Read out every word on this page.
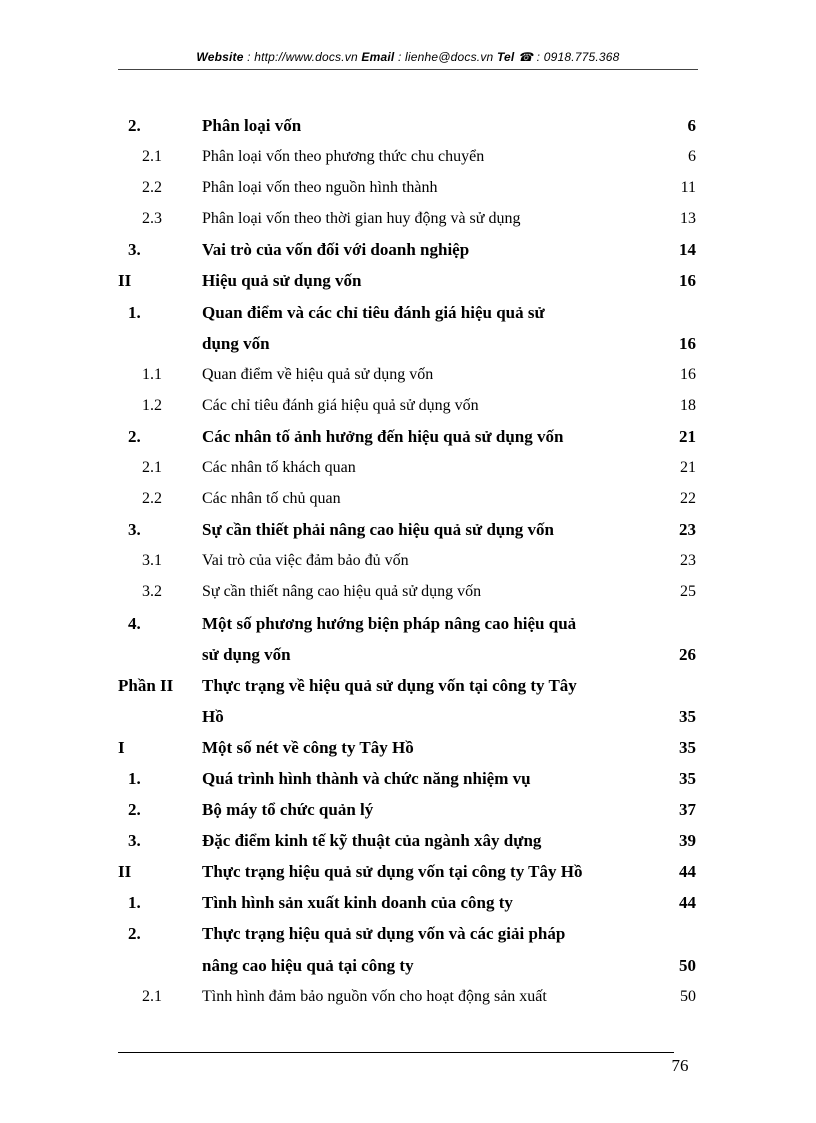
Website : http://www.docs.vn Email : lienhe@docs.vn Tel ☎ : 0918.775.368
2.	Phân loại vốn	6
2.1	Phân loại vốn theo phương thức chu chuyển	6
2.2	Phân loại vốn theo nguồn hình thành	11
2.3	Phân loại vốn theo thời gian huy động và sử dụng	13
3.	Vai trò của vốn đối với doanh nghiệp	14
II	Hiệu quả sử dụng vốn	16
1.	Quan điểm và các chỉ tiêu đánh giá hiệu quả sử
dụng vốn	16
1.1	Quan điểm về hiệu quả sử dụng vốn	16
1.2	Các chỉ tiêu đánh giá hiệu quả sử dụng vốn	18
2.	Các nhân tố ảnh hưởng đến hiệu quả sử dụng vốn	21
2.1	Các nhân tố khách quan	21
2.2	Các nhân tố chủ quan	22
3.	Sự cần thiết phải nâng cao hiệu quả sử dụng vốn	23
3.1	Vai trò của việc đảm bảo đủ vốn	23
3.2	Sự cần thiết nâng cao hiệu quả sử dụng vốn	25
4.	Một số phương hướng biện pháp nâng cao hiệu quả
sử dụng vốn	26
Phần II	Thực trạng về hiệu quả sử dụng vốn tại công ty Tây
Hồ	35
I	Một số nét về công ty Tây Hồ	35
1.	Quá trình hình thành và chức năng nhiệm vụ	35
2.	Bộ máy tổ chức quản lý	37
3.	Đặc điểm kinh tế kỹ thuật của ngành xây dựng	39
II	Thực trạng hiệu quả sử dụng vốn tại công ty Tây Hồ	44
1.	Tình hình sản xuất kinh doanh của công ty	44
2.	Thực trạng hiệu quả sử dụng vốn và các giải pháp
nâng cao hiệu quả tại công ty	50
2.1	Tình hình đảm bảo nguồn vốn cho hoạt động sản xuất	50
76
